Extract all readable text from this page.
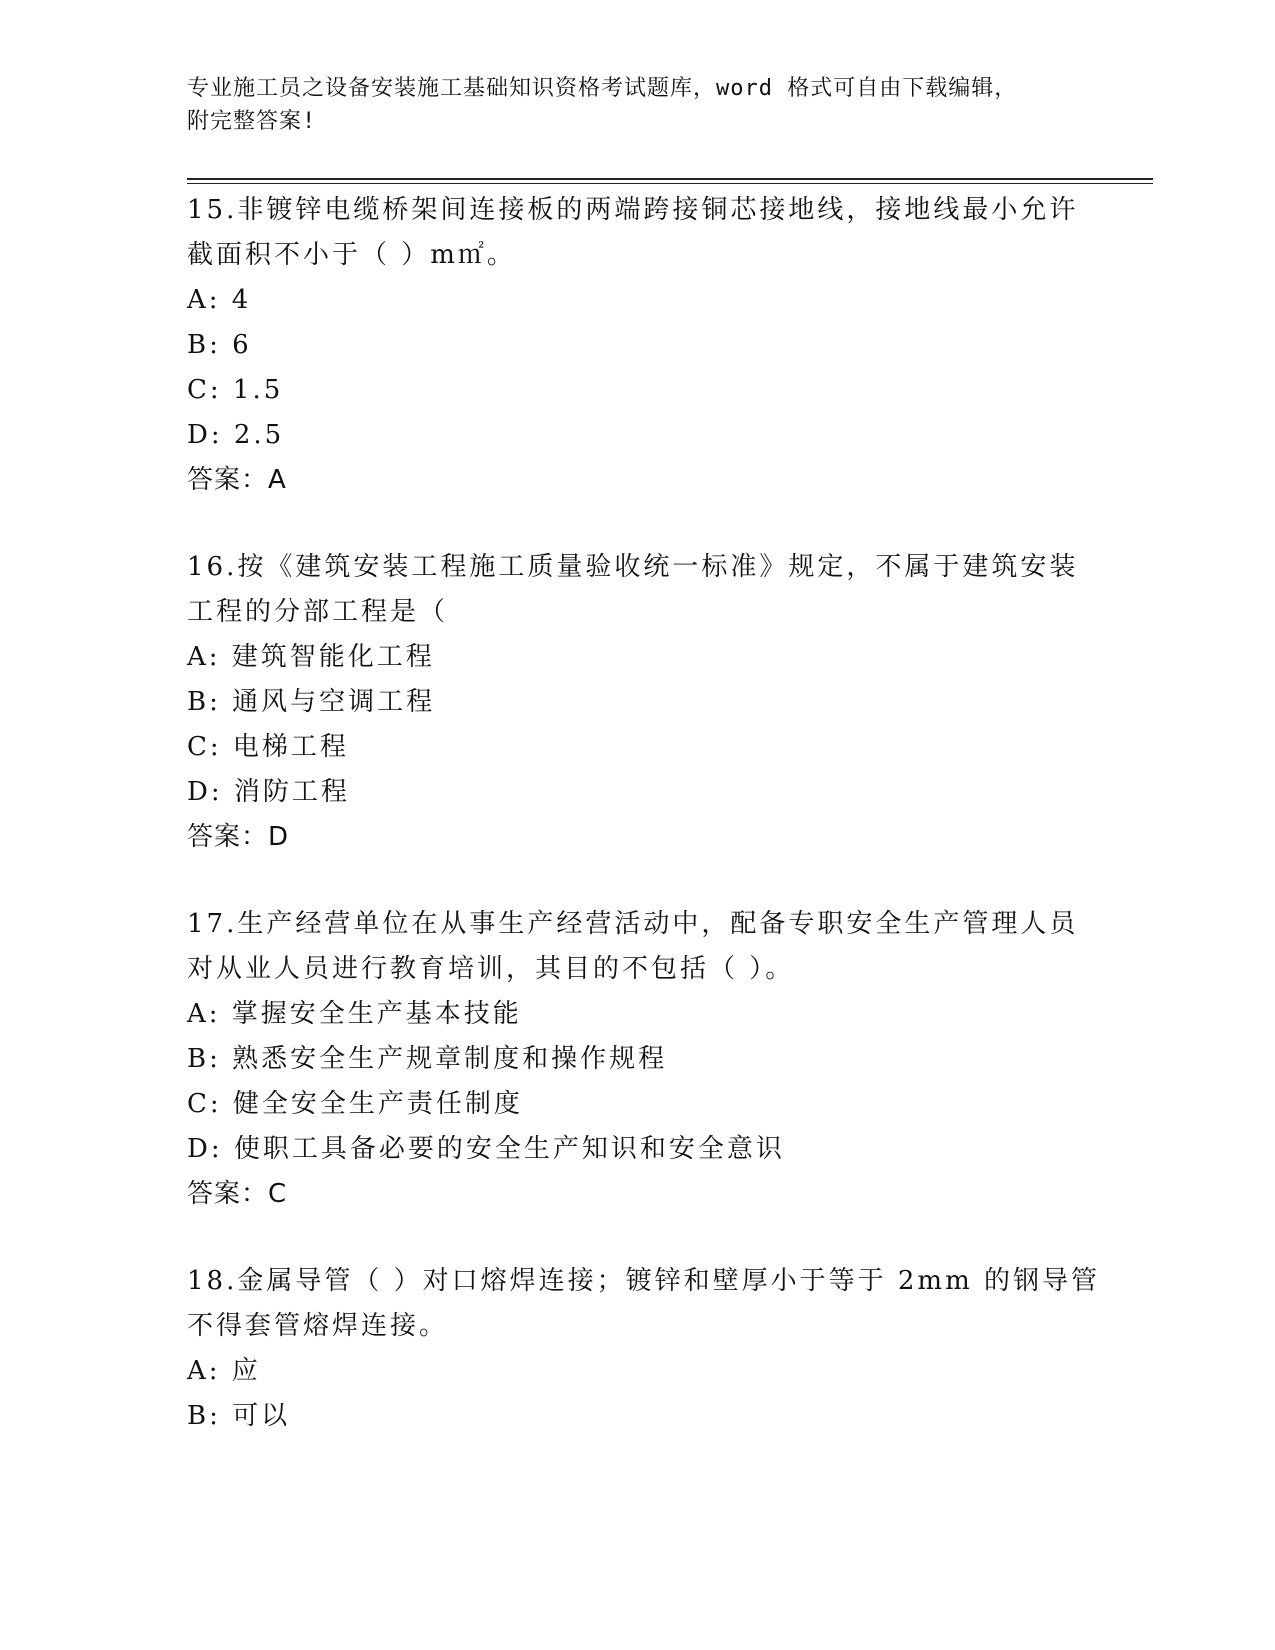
专业施工员之设备安装施工基础知识资格考试题库，word 格式可自由下载编辑，
附完整答案!
15.非镀锌电缆桥架间连接板的两端跨接铜芯接地线，接地线最小允许
截面积不小于（ ）m㎡。
A: 4
B: 6
C: 1.5
D: 2.5
答案：A
16.按《建筑安装工程施工质量验收统一标准》规定，不属于建筑安装
工程的分部工程是（
A: 建筑智能化工程
B: 通风与空调工程
C: 电梯工程
D: 消防工程
答案：D
17.生产经营单位在从事生产经营活动中，配备专职安全生产管理人员
对从业人员进行教育培训，其目的不包括（ ）。
A: 掌握安全生产基本技能
B: 熟悉安全生产规章制度和操作规程
C: 健全安全生产责任制度
D: 使职工具备必要的安全生产知识和安全意识
答案：C
18.金属导管（ ）对口熔焊连接；镀锌和壁厚小于等于 2mm 的钢导管
不得套管熔焊连接。
A: 应
B: 可以
